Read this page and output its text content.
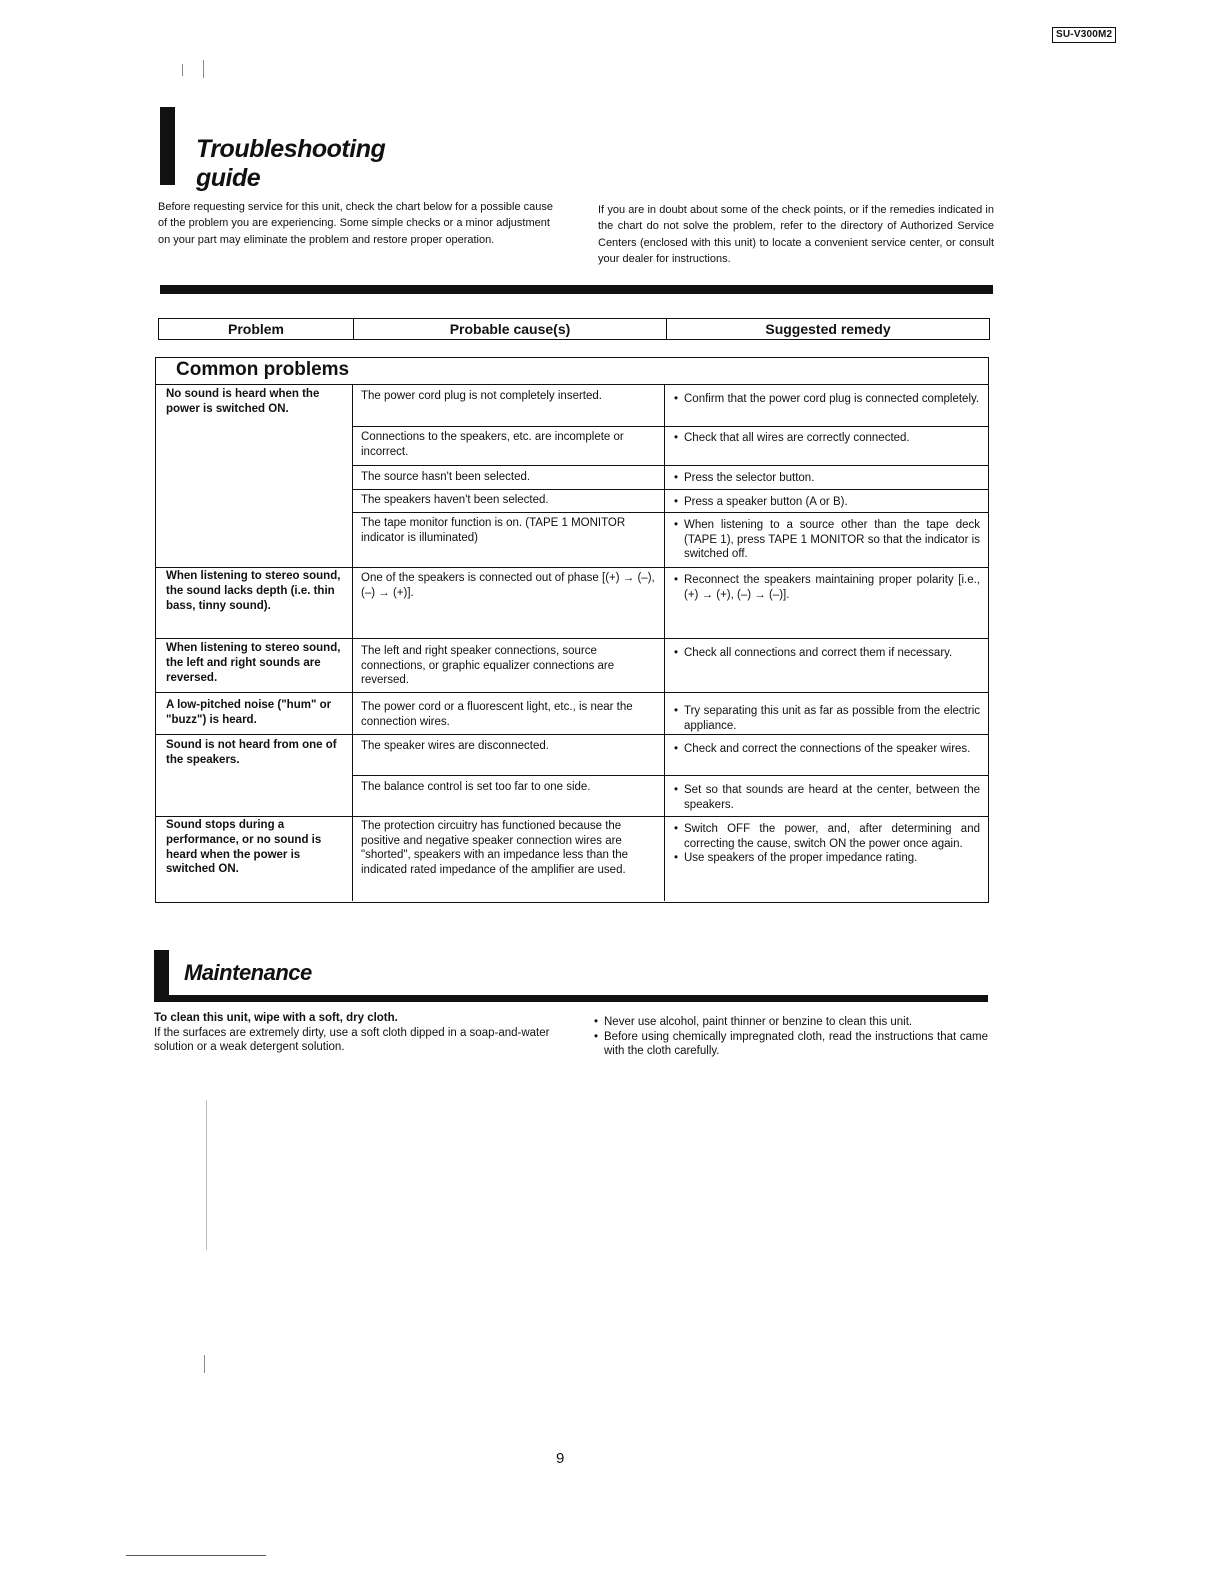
SU-V300M2
Troubleshooting guide
Before requesting service for this unit, check the chart below for a possible cause of the problem you are experiencing. Some simple checks or a minor adjustment on your part may eliminate the problem and restore proper operation.
If you are in doubt about some of the check points, or if the remedies indicated in the chart do not solve the problem, refer to the directory of Authorized Service Centers (enclosed with this unit) to locate a convenient service center, or consult your dealer for instructions.
Problem	Probable cause(s)	Suggested remedy
Common problems
No sound is heard when the power is switched ON.
When listening to stereo sound, the sound lacks depth (i.e. thin bass, tinny sound).
When listening to stereo sound, the left and right sounds are reversed.
A low-pitched noise ("hum" or "buzz") is heard.
Sound is not heard from one of the speakers.
Sound stops during a performance, or no sound is heard when the power is switched ON.
The power cord plug is not completely inserted.
Connections to the speakers, etc. are incomplete or incorrect.
The source hasn't been selected.
The speakers haven't been selected.
The tape monitor function is on. (TAPE 1 MONITOR indicator is illuminated)
One of the speakers is connected out of phase [(+) → (–), (–) → (+)].
The left and right speaker connections, source connections, or graphic equalizer connections are reversed.
The power cord or a fluorescent light, etc., is near the connection wires.
The speaker wires are disconnected.
The balance control is set too far to one side.
The protection circuitry has functioned because the positive and negative speaker connection wires are "shorted", speakers with an impedance less than the indicated rated impedance of the amplifier are used.
• Confirm that the power cord plug is connected completely.
• Check that all wires are correctly connected.
• Press the selector button.
• Press a speaker button (A or B).
• When listening to a source other than the tape deck (TAPE 1), press TAPE 1 MONITOR so that the indicator is switched off.
• Reconnect the speakers maintaining proper polarity [i.e., (+) → (+), (–) → (–)].
• Check all connections and correct them if necessary.
• Try separating this unit as far as possible from the electric appliance.
• Check and correct the connections of the speaker wires.
• Set so that sounds are heard at the center, between the speakers.
• Switch OFF the power, and, after determining and correcting the cause, switch ON the power once again.
• Use speakers of the proper impedance rating.
Maintenance
To clean this unit, wipe with a soft, dry cloth.
If the surfaces are extremely dirty, use a soft cloth dipped in a soap-and-water solution or a weak detergent solution.
• Never use alcohol, paint thinner or benzine to clean this unit.
• Before using chemically impregnated cloth, read the instructions that came with the cloth carefully.
9
